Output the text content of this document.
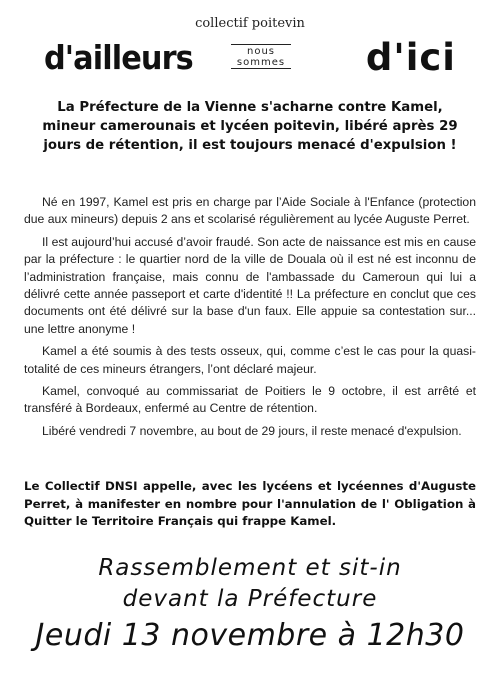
collectif poitevin
d'ailleurs	nous
sommes d'ici
La Préfecture de la Vienne s'acharne contre Kamel, mineur camerounais et lycéen poitevin, libéré après 29 jours de rétention, il est toujours menacé d'expulsion !

Né en 1997, Kamel est pris en charge par l’Aide Sociale à l'Enfance (protection due aux mineurs) depuis 2 ans et scolarisé régulièrement au lycée Auguste Perret.

Il est aujourd’hui accusé d’avoir fraudé. Son acte de naissance est mis en cause par la préfecture : le quartier nord de la ville de Douala où il est né est inconnu de l’administration française, mais connu de l'ambassade du Cameroun qui lui a délivré cette année passeport et carte d'identité !! La préfecture en conclut que ces documents ont été délivré sur la base d'un faux. Elle appuie sa contestation sur... une lettre anonyme !

Kamel a été soumis à des tests osseux, qui, comme c’est le cas pour la quasi-totalité de ces mineurs étrangers, l’ont déclaré majeur.

Kamel, convoqué au commissariat de Poitiers le 9 octobre, il est arrêté et transféré à Bordeaux, enfermé au Centre de rétention.

Libéré vendredi 7 novembre, au bout de 29 jours, il reste menacé d'expulsion.

Le Collectif DNSI appelle, avec les lycéens et lycéennes d'Auguste Perret, à manifester en nombre pour l'annulation de l' Obligation à Quitter le Territoire Français qui frappe Kamel.
Rassemblement et sit-in
devant la Préfecture
Jeudi 13 novembre à 12h30
